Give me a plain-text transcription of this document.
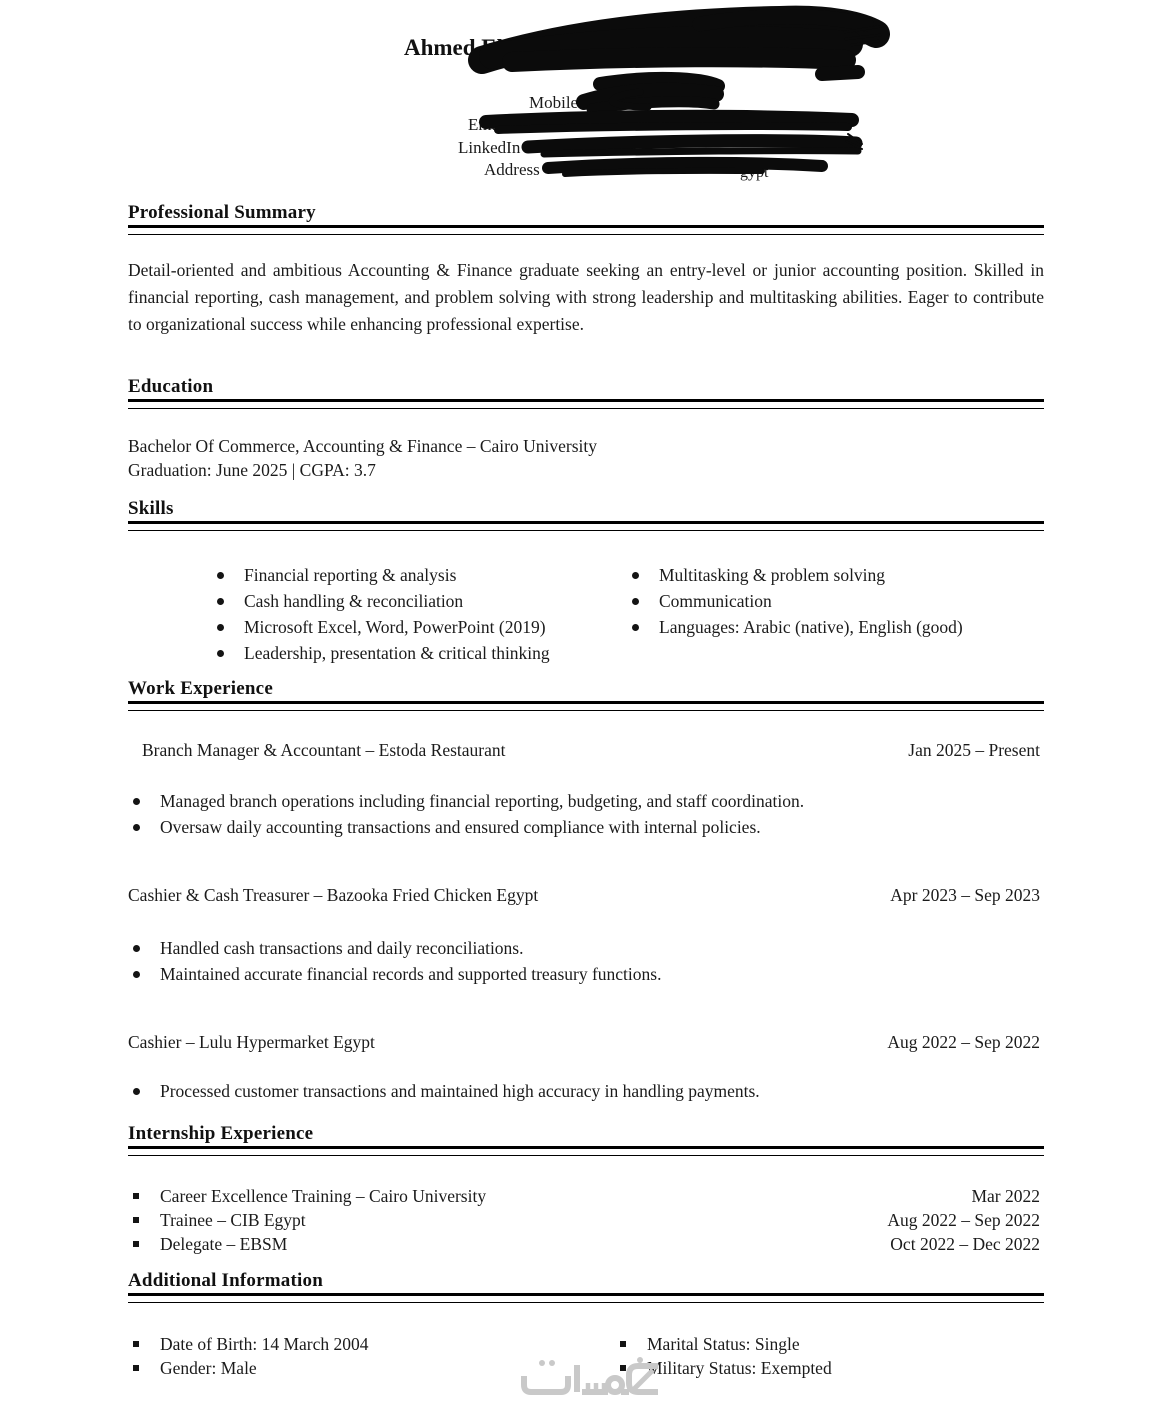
Ahmed El
Mobile
Email
LinkedIn
Address	gypt
Professional Summary

Detail-oriented and ambitious Accounting & Finance graduate seeking an entry-level or junior accounting position. Skilled in financial reporting, cash management, and problem solving with strong leadership and multitasking abilities. Eager to contribute to organizational success while enhancing professional expertise.

Education

Bachelor Of Commerce, Accounting & Finance – Cairo University

Graduation: June 2025 | CGPA: 3.7

Skills
Financial reporting & analysis
Cash handling & reconciliation
Microsoft Excel, Word, PowerPoint (2019)
Leadership, presentation & critical thinking
Multitasking & problem solving
Communication
Languages: Arabic (native), English (good)
Work Experience
Branch Manager & Accountant – Estoda Restaurant	Jan 2025 – Present
Managed branch operations including financial reporting, budgeting, and staff coordination.
Oversaw daily accounting transactions and ensured compliance with internal policies.
Cashier & Cash Treasurer – Bazooka Fried Chicken Egypt	Apr 2023 – Sep 2023
Handled cash transactions and daily reconciliations.
Maintained accurate financial records and supported treasury functions.
Cashier – Lulu Hypermarket Egypt	Aug 2022 – Sep 2022
Processed customer transactions and maintained high accuracy in handling payments.
Internship Experience
Career Excellence Training – Cairo University	Mar 2022
Trainee – CIB Egypt	Aug 2022 – Sep 2022
Delegate – EBSM	Oct 2022 – Dec 2022
Additional Information
Date of Birth: 14 March 2004
Gender: Male
Marital Status: Single
Military Status: Exempted
